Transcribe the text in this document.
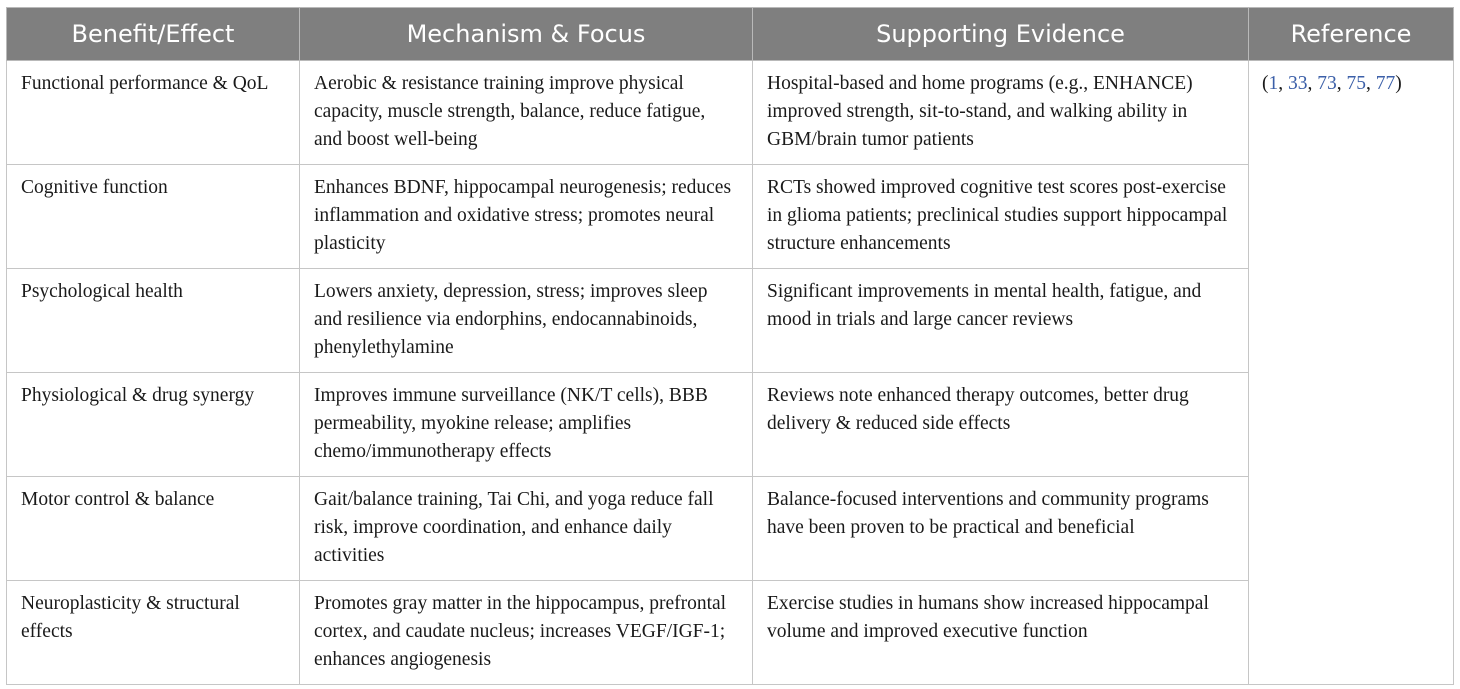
Benefit/Effect	Mechanism & Focus	Supporting Evidence	Reference
Functional performance & QoL	Aerobic & resistance training improve physical capacity, muscle strength, balance, reduce fatigue, and boost well-being	Hospital-based and home programs (e.g., ENHANCE) improved strength, sit-to-stand, and walking ability in GBM/brain tumor patients	(1, 33, 73, 75, 77)
Cognitive function	Enhances BDNF, hippocampal neurogenesis; reduces inflammation and oxidative stress; promotes neural plasticity	RCTs showed improved cognitive test scores post-exercise in glioma patients; preclinical studies support hippocampal structure enhancements	
Psychological health	Lowers anxiety, depression, stress; improves sleep and resilience via endorphins, endocannabinoids, phenylethylamine	Significant improvements in mental health, fatigue, and mood in trials and large cancer reviews	
Physiological & drug synergy	Improves immune surveillance (NK/T cells), BBB permeability, myokine release; amplifies chemo/immunotherapy effects	Reviews note enhanced therapy outcomes, better drug delivery & reduced side effects	
Motor control & balance	Gait/balance training, Tai Chi, and yoga reduce fall risk, improve coordination, and enhance daily activities	Balance-focused interventions and community programs have been proven to be practical and beneficial	
Neuroplasticity & structural effects	Promotes gray matter in the hippocampus, prefrontal cortex, and caudate nucleus; increases VEGF/IGF-1; enhances angiogenesis	Exercise studies in humans show increased hippocampal volume and improved executive function	
